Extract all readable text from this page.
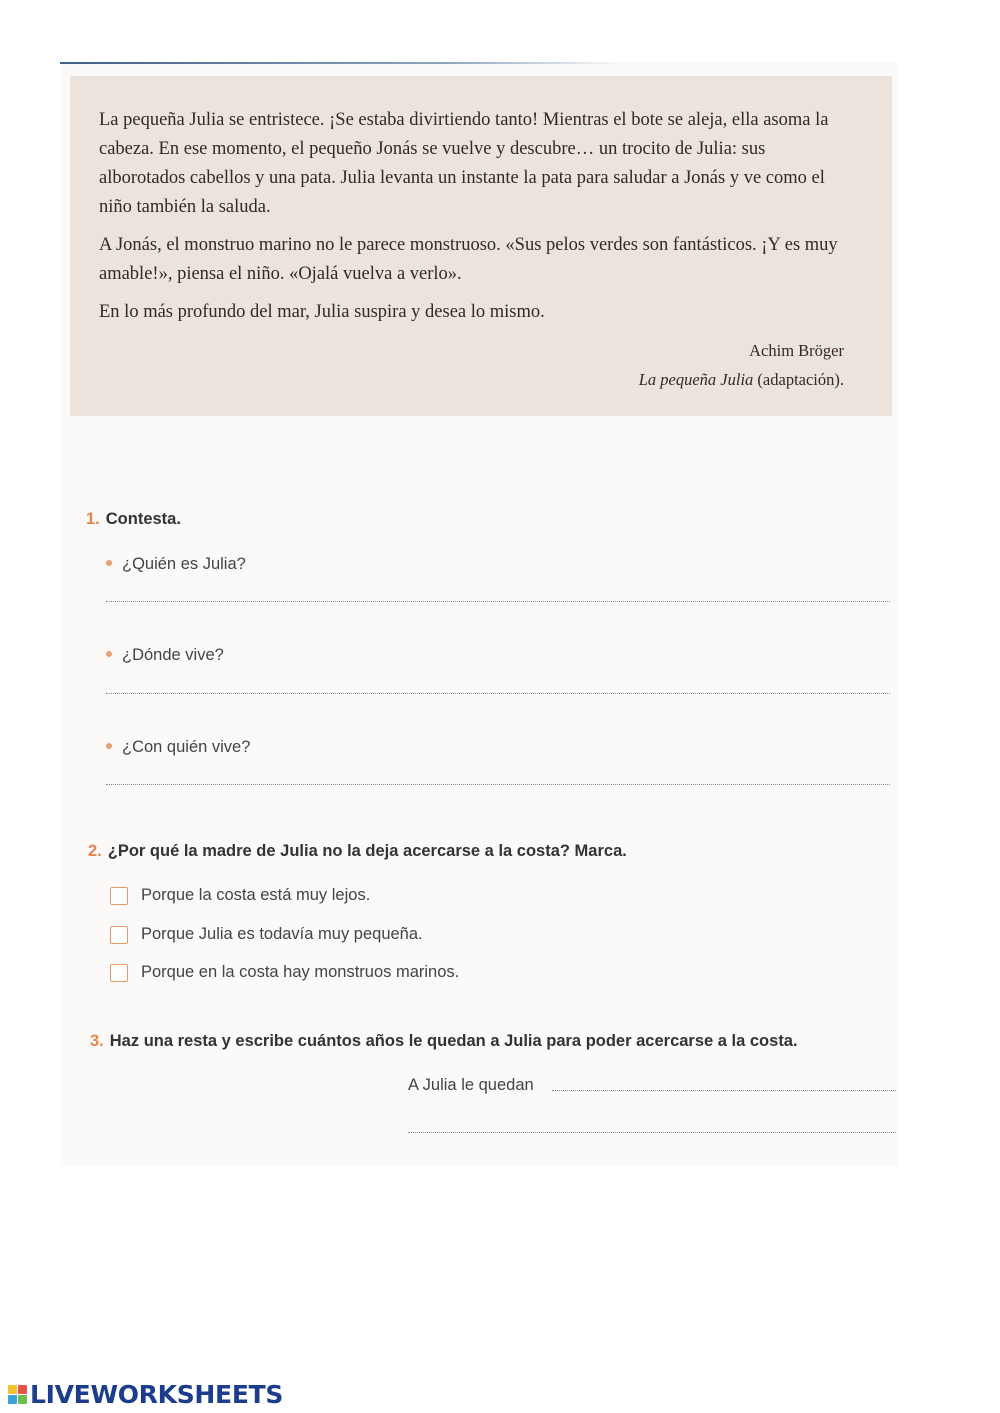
La pequeña Julia se entristece. ¡Se estaba divirtiendo tanto! Mientras el bote se aleja, ella asoma la cabeza. En ese momento, el pequeño Jonás se vuelve y descubre… un trocito de Julia: sus alborotados cabellos y una pata. Julia levanta un instante la pata para saludar a Jonás y ve como el niño también la saluda.

A Jonás, el monstruo marino no le parece monstruoso. «Sus pelos verdes son fantásticos. ¡Y es muy amable!», piensa el niño. «Ojalá vuelva a verlo».

En lo más profundo del mar, Julia suspira y desea lo mismo.

Achim Bröger
La pequeña Julia (adaptación).
1. Contesta.
¿Quién es Julia?
¿Dónde vive?
¿Con quién vive?
2. ¿Por qué la madre de Julia no la deja acercarse a la costa? Marca.
Porque la costa está muy lejos.
Porque Julia es todavía muy pequeña.
Porque en la costa hay monstruos marinos.
3. Haz una resta y escribe cuántos años le quedan a Julia para poder acercarse a la costa.
A Julia le quedan
LIVEWORKSHEETS
